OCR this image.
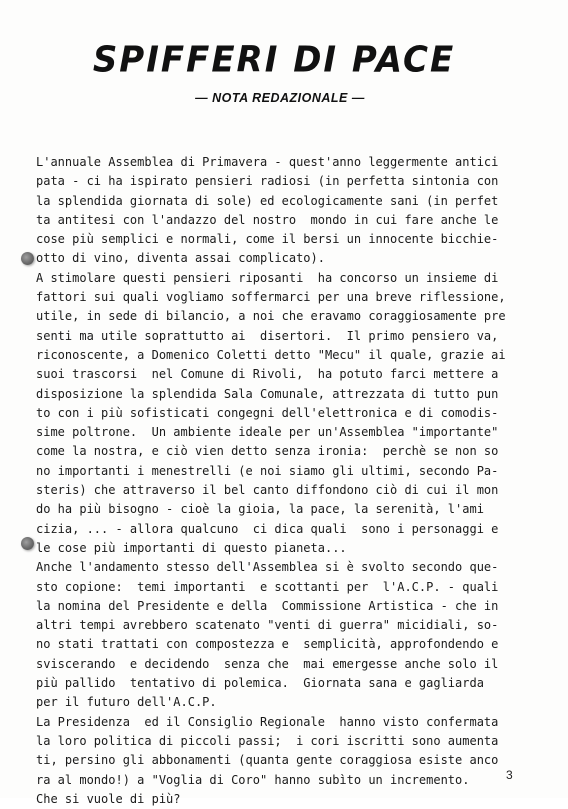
SPIFFERI DI PACE
— NOTA REDAZIONALE —
L'annuale Assemblea di Primavera - quest'anno leggermente antici
pata - ci ha ispirato pensieri radiosi (in perfetta sintonia con
la splendida giornata di sole) ed ecologicamente sani (in perfet
ta antitesi con l'andazzo del nostro  mondo in cui fare anche le
cose più semplici e normali, come il bersi un innocente bicchie-
otto di vino, diventa assai complicato).
A stimolare questi pensieri riposanti  ha concorso un insieme di
fattori sui quali vogliamo soffermarci per una breve riflessione,
utile, in sede di bilancio, a noi che eravamo coraggiosamente pre
senti ma utile soprattutto ai  disertori.  Il primo pensiero va,
riconoscente, a Domenico Coletti detto "Mecu" il quale, grazie ai
suoi trascorsi  nel Comune di Rivoli,  ha potuto farci mettere a
disposizione la splendida Sala Comunale, attrezzata di tutto pun
to con i più sofisticati congegni dell'elettronica e di comodis-
sime poltrone.  Un ambiente ideale per un'Assemblea "importante"
come la nostra, e ciò vien detto senza ironia:  perchè se non so
no importanti i menestrelli (e noi siamo gli ultimi, secondo Pa-
steris) che attraverso il bel canto diffondono ciò di cui il mon
do ha più bisogno - cioè la gioia, la pace, la serenità, l'ami
cizia, ... - allora qualcuno  ci dica quali  sono i personaggi e
le cose più importanti di questo pianeta...
Anche l'andamento stesso dell'Assemblea si è svolto secondo que-
sto copione:  temi importanti  e scottanti per  l'A.C.P. - quali
la nomina del Presidente e della  Commissione Artistica - che in
altri tempi avrebbero scatenato "venti di guerra" micidiali, so-
no stati trattati con compostezza e  semplicità, approfondendo e
sviscerando  e decidendo  senza che  mai emergesse anche solo il
più pallido  tentativo di polemica.  Giornata sana e gagliarda
per il futuro dell'A.C.P.
La Presidenza  ed il Consiglio Regionale  hanno visto confermata
la loro politica di piccoli passi;  i cori iscritti sono aumenta
ti, persino gli abbonamenti (quanta gente coraggiosa esiste anco
ra al mondo!) a "Voglia di Coro" hanno subìto un incremento.
Che si vuole di più?
3
